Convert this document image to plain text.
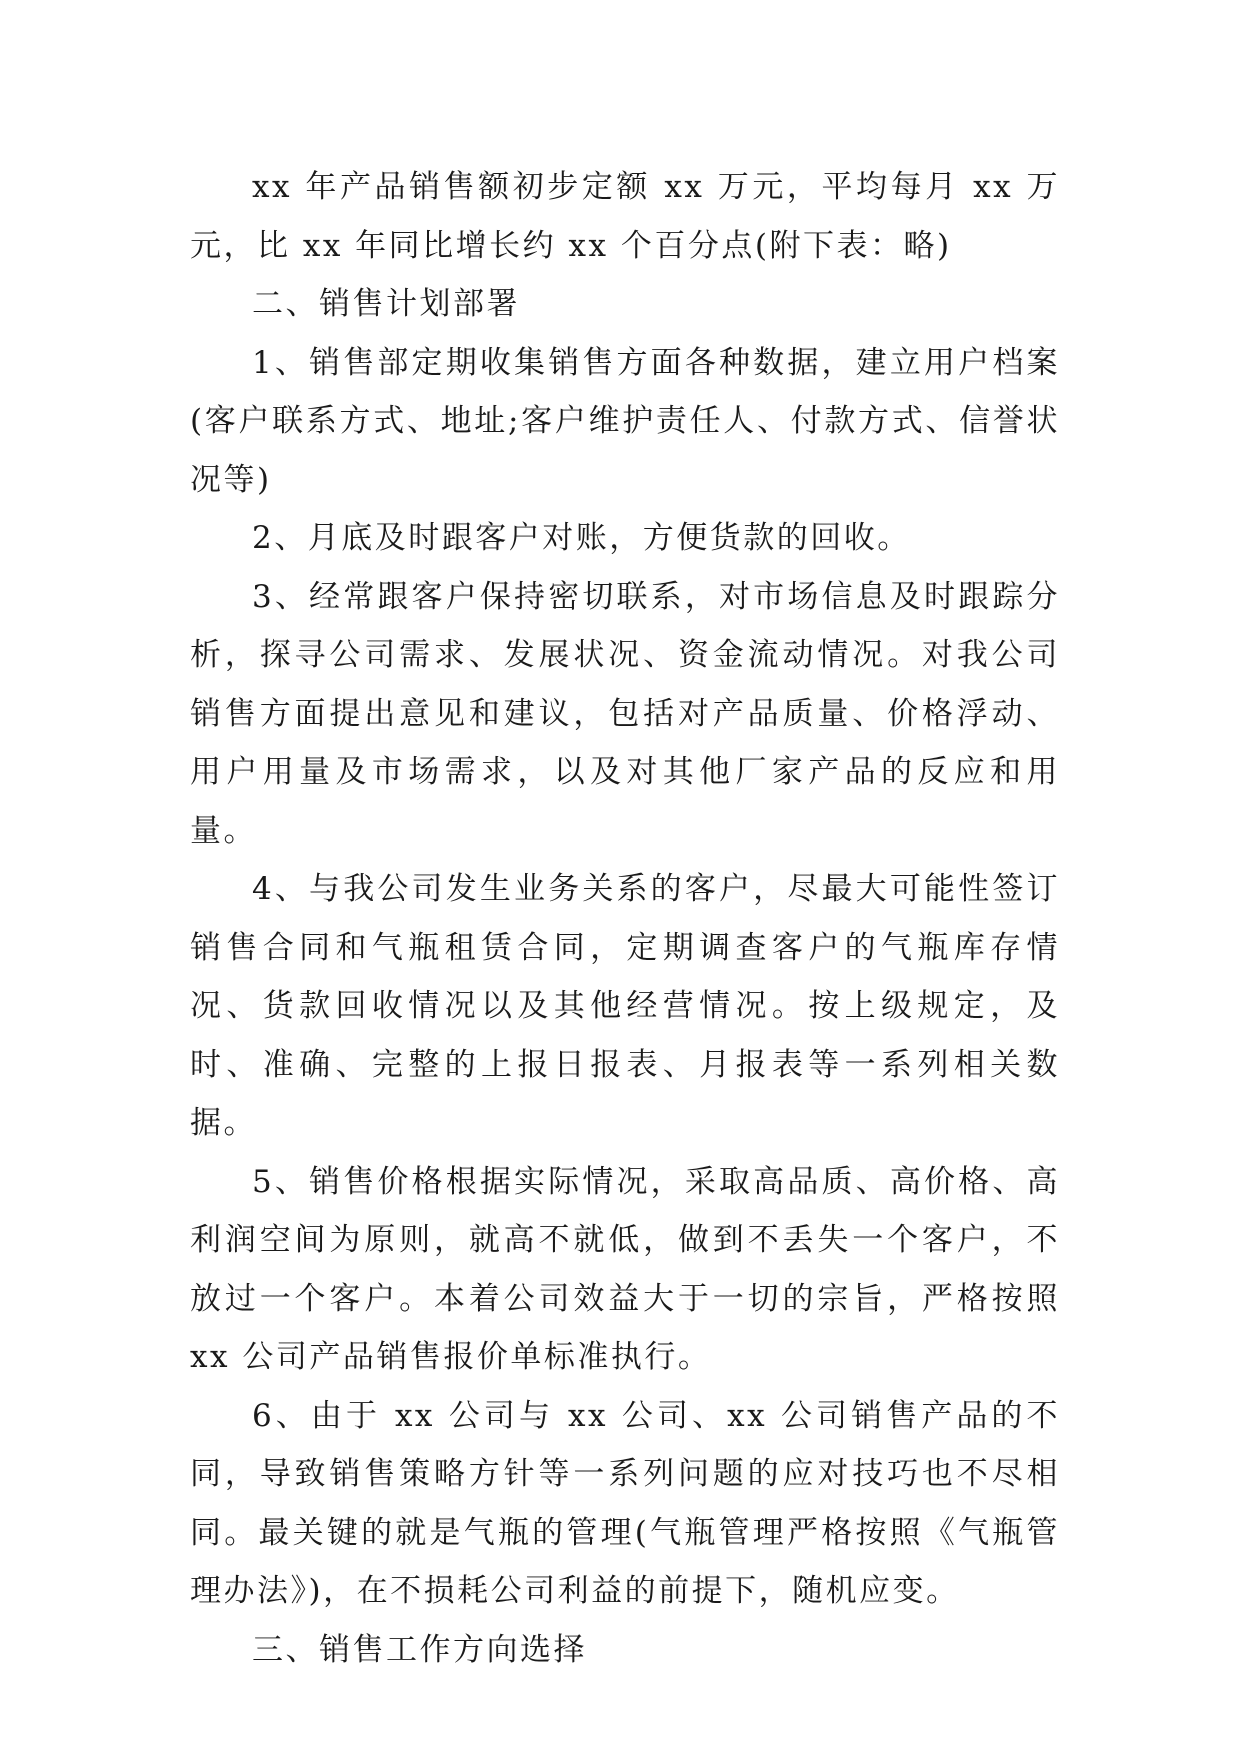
xx 年产品销售额初步定额 xx 万元，平均每月 xx 万元，比 xx 年同比增长约 xx 个百分点(附下表：略)

二、销售计划部署

1、销售部定期收集销售方面各种数据，建立用户档案(客户联系方式、地址;客户维护责任人、付款方式、信誉状况等)

2、月底及时跟客户对账，方便货款的回收。

3、经常跟客户保持密切联系，对市场信息及时跟踪分析，探寻公司需求、发展状况、资金流动情况。对我公司销售方面提出意见和建议，包括对产品质量、价格浮动、用户用量及市场需求，以及对其他厂家产品的反应和用量。

4、与我公司发生业务关系的客户，尽最大可能性签订销售合同和气瓶租赁合同，定期调查客户的气瓶库存情况、货款回收情况以及其他经营情况。按上级规定，及时、准确、完整的上报日报表、月报表等一系列相关数据。

5、销售价格根据实际情况，采取高品质、高价格、高利润空间为原则，就高不就低，做到不丢失一个客户，不放过一个客户。本着公司效益大于一切的宗旨，严格按照 xx 公司产品销售报价单标准执行。

6、由于 xx 公司与 xx 公司、xx 公司销售产品的不同，导致销售策略方针等一系列问题的应对技巧也不尽相同。最关键的就是气瓶的管理(气瓶管理严格按照《气瓶管理办法》)，在不损耗公司利益的前提下，随机应变。

三、销售工作方向选择
